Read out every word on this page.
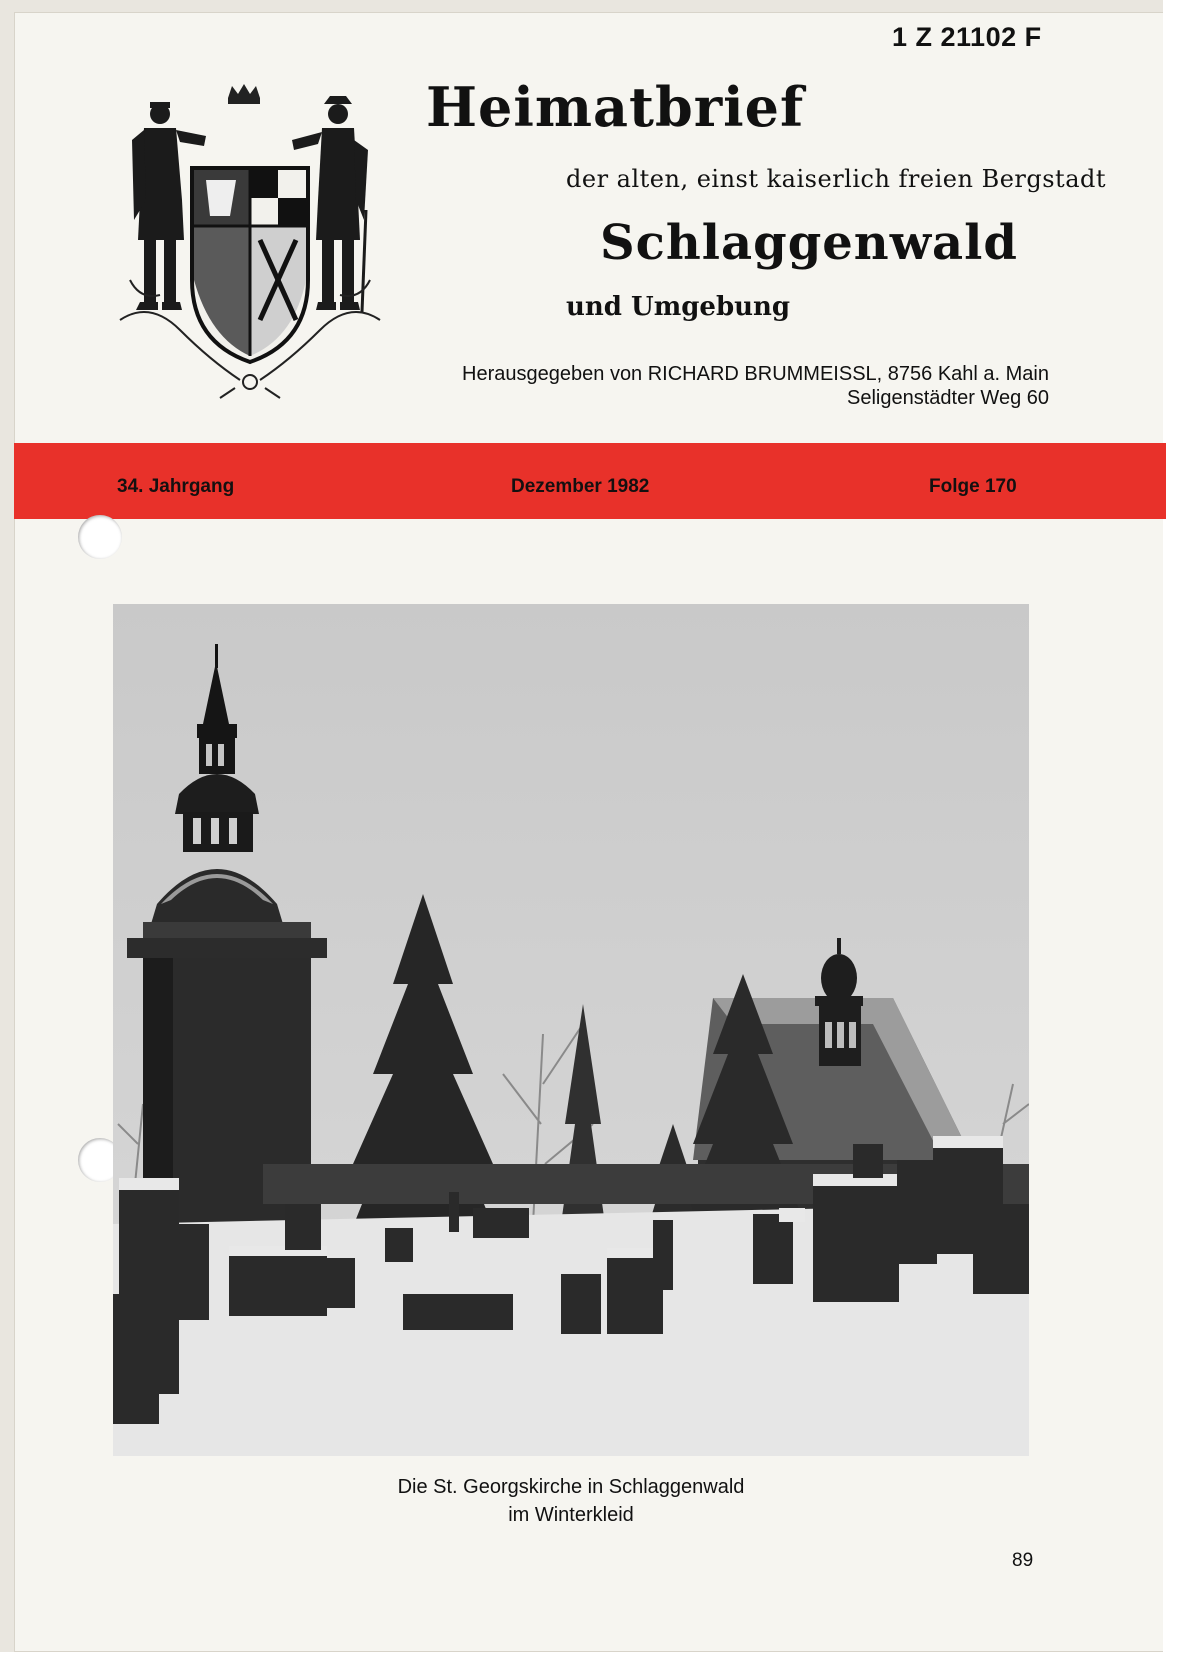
1 Z 21102 F
Heimatbrief
der alten, einst kaiserlich freien Bergstadt
Schlaggenwald
und Umgebung
Herausgegeben von RICHARD BRUMMEISSL, 8756 Kahl a. Main
Seligenstädter Weg 60
34. Jahrgang	Dezember 1982	Folge 170
Die St. Georgskirche in Schlaggenwald
im Winterkleid
89
